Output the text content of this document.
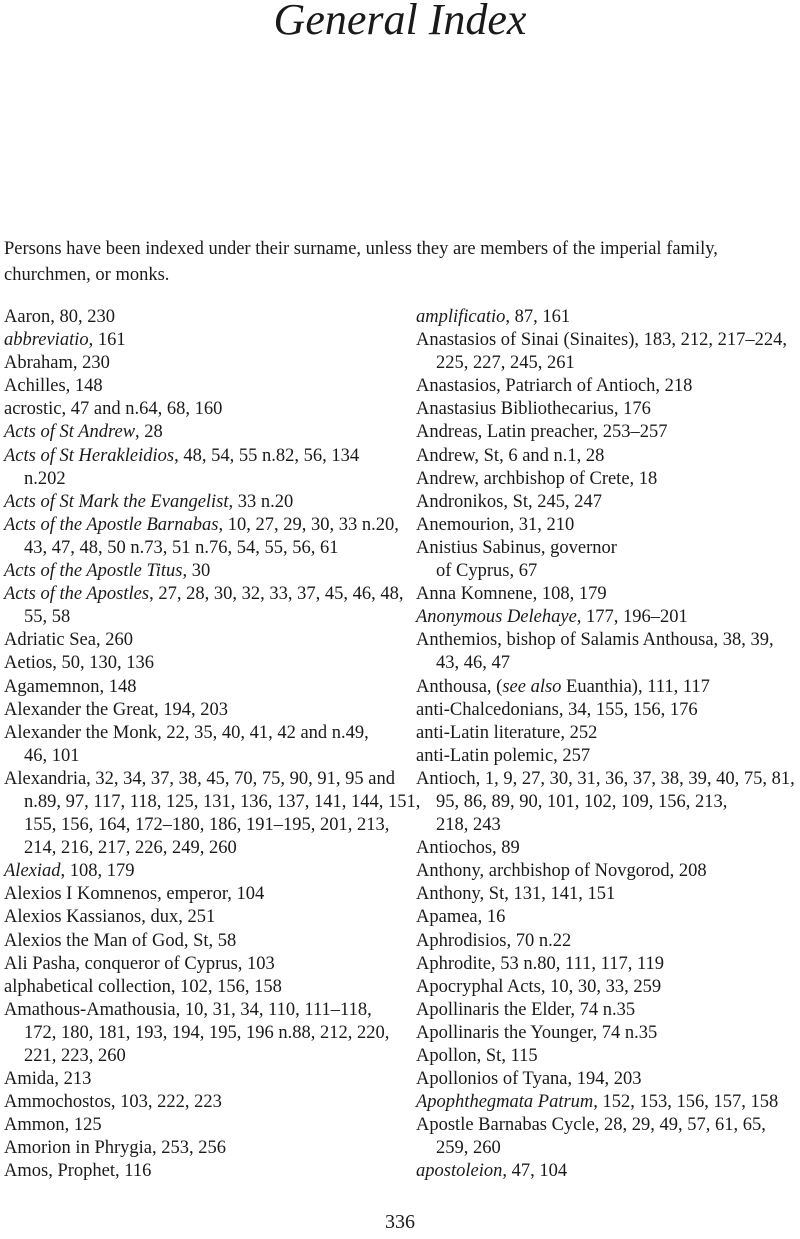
General Index

Persons have been indexed under their surname, unless they are members of the imperial family, churchmen, or monks.

Aaron, 80, 230
abbreviatio, 161
Abraham, 230
Achilles, 148
acrostic, 47 and n.64, 68, 160
Acts of St Andrew, 28
Acts of St Herakleidios, 48, 54, 55 n.82, 56, 134
n.202
Acts of St Mark the Evangelist, 33 n.20
Acts of the Apostle Barnabas, 10, 27, 29, 30, 33 n.20,
43, 47, 48, 50 n.73, 51 n.76, 54, 55, 56, 61
Acts of the Apostle Titus, 30
Acts of the Apostles, 27, 28, 30, 32, 33, 37, 45, 46, 48,
55, 58
Adriatic Sea, 260
Aetios, 50, 130, 136
Agamemnon, 148
Alexander the Great, 194, 203
Alexander the Monk, 22, 35, 40, 41, 42 and n.49,
46, 101
Alexandria, 32, 34, 37, 38, 45, 70, 75, 90, 91, 95 and
n.89, 97, 117, 118, 125, 131, 136, 137, 141, 144, 151,
155, 156, 164, 172–180, 186, 191–195, 201, 213,
214, 216, 217, 226, 249, 260
Alexiad, 108, 179
Alexios I Komnenos, emperor, 104
Alexios Kassianos, dux, 251
Alexios the Man of God, St, 58
Ali Pasha, conqueror of Cyprus, 103
alphabetical collection, 102, 156, 158
Amathous-Amathousia, 10, 31, 34, 110, 111–118,
172, 180, 181, 193, 194, 195, 196 n.88, 212, 220,
221, 223, 260
Amida, 213
Ammochostos, 103, 222, 223
Ammon, 125
Amorion in Phrygia, 253, 256
Amos, Prophet, 116
amplificatio, 87, 161
Anastasios of Sinai (Sinaites), 183, 212, 217–224,
225, 227, 245, 261
Anastasios, Patriarch of Antioch, 218
Anastasius Bibliothecarius, 176
Andreas, Latin preacher, 253–257
Andrew, St, 6 and n.1, 28
Andrew, archbishop of Crete, 18
Andronikos, St, 245, 247
Anemourion, 31, 210
Anistius Sabinus, governor
of Cyprus, 67
Anna Komnene, 108, 179
Anonymous Delehaye, 177, 196–201
Anthemios, bishop of Salamis Anthousa, 38, 39,
43, 46, 47
Anthousa, (see also Euanthia), 111, 117
anti-Chalcedonians, 34, 155, 156, 176
anti-Latin literature, 252
anti-Latin polemic, 257
Antioch, 1, 9, 27, 30, 31, 36, 37, 38, 39, 40, 75, 81,
95, 86, 89, 90, 101, 102, 109, 156, 213,
218, 243
Antiochos, 89
Anthony, archbishop of Novgorod, 208
Anthony, St, 131, 141, 151
Apamea, 16
Aphrodisios, 70 n.22
Aphrodite, 53 n.80, 111, 117, 119
Apocryphal Acts, 10, 30, 33, 259
Apollinaris the Elder, 74 n.35
Apollinaris the Younger, 74 n.35
Apollon, St, 115
Apollonios of Tyana, 194, 203
Apophthegmata Patrum, 152, 153, 156, 157, 158
Apostle Barnabas Cycle, 28, 29, 49, 57, 61, 65,
259, 260
apostoleion, 47, 104
336
